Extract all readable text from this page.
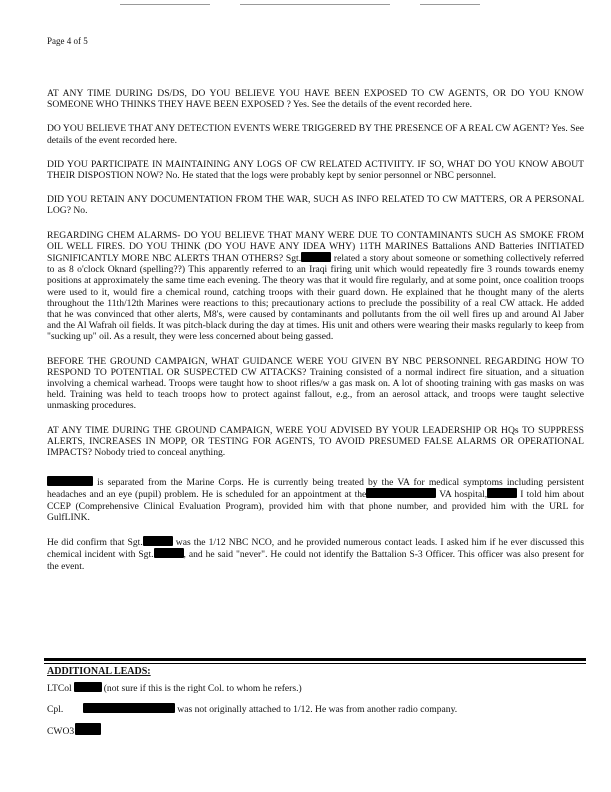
Page 4 of 5

AT ANY TIME DURING DS/DS, DO YOU BELIEVE YOU HAVE BEEN EXPOSED TO CW AGENTS, OR DO YOU KNOW SOMEONE WHO THINKS THEY HAVE BEEN EXPOSED ? Yes. See the details of the event recorded here.

DO YOU BELIEVE THAT ANY DETECTION EVENTS WERE TRIGGERED BY THE PRESENCE OF A REAL CW AGENT? Yes. See details of the event recorded here.

DID YOU PARTICIPATE IN MAINTAINING ANY LOGS OF CW RELATED ACTIVIITY. IF SO, WHAT DO YOU KNOW ABOUT THEIR DISPOSTION NOW? No. He stated that the logs were probably kept by senior personnel or NBC personnel.

DID YOU RETAIN ANY DOCUMENTATION FROM THE WAR, SUCH AS INFO RELATED TO CW MATTERS, OR A PERSONAL LOG? No.

REGARDING CHEM ALARMS- DO YOU BELIEVE THAT MANY WERE DUE TO CONTAMINANTS SUCH AS SMOKE FROM OIL WELL FIRES. DO YOU THINK (DO YOU HAVE ANY IDEA WHY) 11TH MARINES Battalions AND Batteries INITIATED SIGNIFICANTLY MORE NBC ALERTS THAN OTHERS? Sgt.	related a story about someone or something collectively referred to as 8 o'clock Oknard (spelling??) This apparently referred to an Iraqi firing unit which would repeatedly fire 3 rounds towards enemy positions at approximately the same time each evening. The theory was that it would fire regularly, and at some point, once coalition troops were used to it, would fire a chemical round, catching troops with their guard down. He explained that he thought many of the alerts throughout the 11th/12th Marines were reactions to this; precautionary actions to preclude the possibility of a real CW attack. He added that he was convinced that other alerts, M8's, were caused by contaminants and pollutants from the oil well fires up and around Al Jaber and the Al Wafrah oil fields. It was pitch-black during the day at times. His unit and others were wearing their masks regularly to keep from "sucking up" oil. As a result, they were less concerned about being gassed.

BEFORE THE GROUND CAMPAIGN, WHAT GUIDANCE WERE YOU GIVEN BY NBC PERSONNEL REGARDING HOW TO RESPOND TO POTENTIAL OR SUSPECTED CW ATTACKS? Training consisted of a normal indirect fire situation, and a situation involving a chemical warhead. Troops were taught how to shoot rifles/w a gas mask on. A lot of shooting training with gas masks on was held. Training was held to teach troops how to protect against fallout, e.g., from an aerosol attack, and troops were taught selective unmasking procedures.

AT ANY TIME DURING THE GROUND CAMPAIGN, WERE YOU ADVISED BY YOUR LEADERSHIP OR HQs TO SUPPRESS ALERTS, INCREASES IN MOPP, OR TESTING FOR AGENTS, TO AVOID PRESUMED FALSE ALARMS OR OPERATIONAL IMPACTS? Nobody tried to conceal anything.

is separated from the Marine Corps. He is currently being treated by the VA for medical symptoms including persistent headaches and an eye (pupil) problem. He is scheduled for an appointment at the	VA hospital,	I told him about CCEP (Comprehensive Clinical Evaluation Program), provided him with that phone number, and provided him with the URL for GulfLINK.

He did confirm that Sgt.	was the 1/12 NBC NCO, and he provided numerous contact leads. I asked him if he ever discussed this chemical incident with Sgt.	, and he said "never". He could not identify the Battalion S-3 Officer. This officer was also present for the event.

ADDITIONAL LEADS:
LTCol	(not sure if this is the right Col. to whom he refers.)
Cpl.	was not originally attached to 1/12. He was from another radio company.
CWO3
